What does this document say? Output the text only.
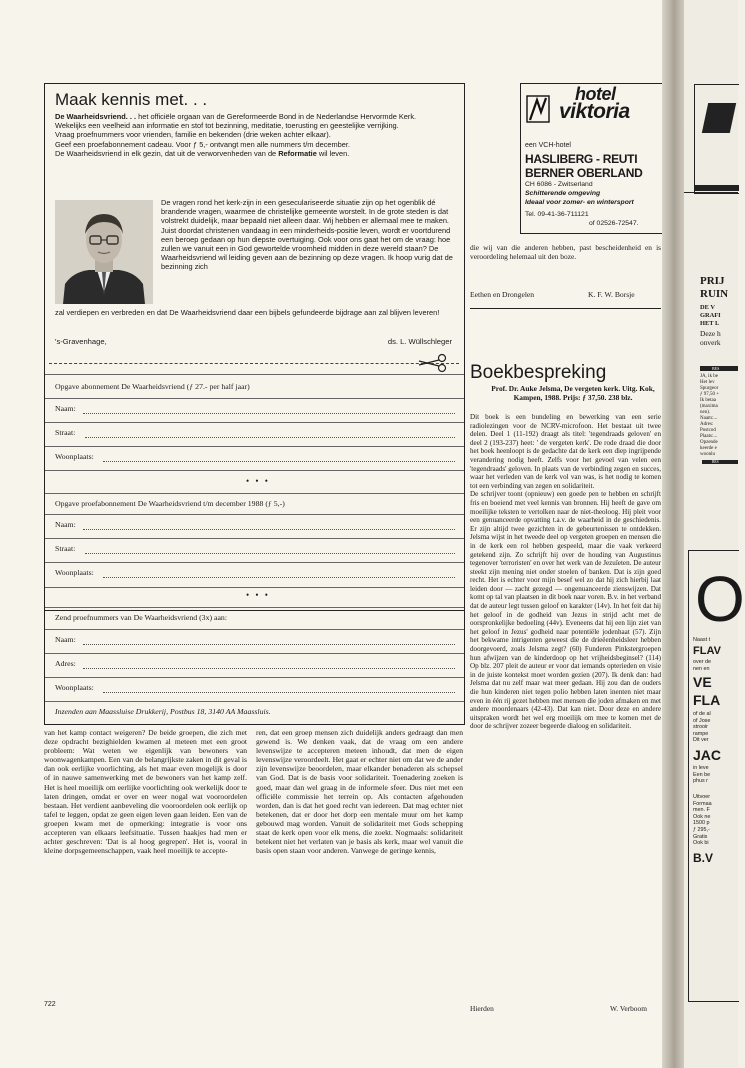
Maak kennis met. . .
De Waarheidsvriend. . . het officiële orgaan van de Gereformeerde Bond in de Nederlandse Hervormde Kerk.
Wekelijks een veelheid aan informatie en stof tot bezinning, meditatie, toerusting en geestelijke verrijking.
Vraag proefnummers voor vrienden, familie en bekenden (drie weken achter elkaar).
Geef een proefabonnement cadeau. Voor ƒ 5,- ontvangt men alle nummers t/m december.
De Waarheidsvriend in elk gezin, dat uit de verworvenheden van de Reformatie wil leven.
De vragen rond het kerk-zijn in een geseculariseerde situatie zijn op het ogenblik dé brandende vragen, waarmee de christelijke gemeente worstelt. In de grote steden is dat volstrekt duidelijk, maar bepaald niet alleen daar. Wij hebben er allemaal mee te maken. Juist doordat christenen vandaag in een minderheids-positie leven, wordt er voortdurend een beroep gedaan op hun diepste overtuiging. Ook voor ons gaat het om de vraag: hoe zullen we vanuit een in God gewortelde vroomheid midden in deze wereld staan? De Waarheidsvriend wil leiding geven aan de bezinning op deze vragen. Ik hoop vurig dat de bezinning zich
zal verdiepen en verbreden en dat De Waarheidsvriend daar een bijbels gefundeerde bijdrage aan zal blijven leveren!
's-Gravenhage,	ds. L. Wüllschleger
Opgave abonnement De Waarheidsvriend (ƒ 27.- per half jaar)
Naam:
Straat:
Woonplaats:
• • •
Opgave proefabonnement De Waarheidsvriend t/m december 1988 (ƒ 5,-)
Naam:
Straat:
Woonplaats:
• • •
Zend proefnummers van De Waarheidsvriend (3x) aan:
Naam:
Adres:
Woonplaats:
Inzenden aan Maassluise Drukkerij, Postbus 18, 3140 AA Maassluis.
hotel
viktoria
een VCH-hotel
HASLIBERG - REUTI
BERNER OBERLAND
CH 6086 - Zwitserland
Schitterende omgeving
Ideaal voor zomer- en wintersport
Tel. 09-41-36-711121
of 02526-72547.
die wij van die anderen hebben, past bescheidenheid en is veroordeling helemaal uit den boze.
Eethen en Drongelen	K. F. W. Borsje
Boekbespreking
Prof. Dr. Auke Jelsma, De vergeten kerk. Uitg. Kok, Kampen, 1988. Prijs: ƒ 37,50. 238 blz.

Dit boek is een bundeling en bewerking van een serie radiolezingen voor de NCRV-microfoon. Het bestaat uit twee delen. Deel 1 (11-192) draagt als titel: 'tegendraads geloven' en deel 2 (193-237) heet: ' de vergeten kerk'. De rode draad die door het boek heenloopt is de gedachte dat de kerk een diep ingrijpende verandering nodig heeft. Zelfs voor het gevoel van velen een 'tegendraads' geloven. In plaats van de verbinding zegen en succes, waar het verleden van de kerk vol van was, is het nodig te komen tot een verbinding van zegen en solidariteit.

De schrijver toont (opnieuw) een goede pen te hebben en schrijft fris en boeiend met veel kennis van bronnen. Hij heeft de gave om moeilijke teksten te vertolken naar de niet-theoloog. Hij pleit voor een genuanceerde opvatting t.a.v. de waarheid in de geschiedenis. Er zijn altijd twee gezichten in de gebeurtenissen te ontdekken. Jelsma wijst in het tweede deel op vergeten groepen en mensen die in de kerk een rol hebben gespeeld, maar die vaak verkeerd getekend zijn. Zo schrijft hij over de houding van Augustinus tegenover 'terroristen' en over het werk van de Jezuïeten. De auteur steekt zijn mening niet onder stoelen of banken. Dat is zijn goed recht. Het is echter voor mijn besef wel zo dat hij zich hierbij laat leiden door — zacht gezegd — ongenuanceerde zienswijzen. Dat komt op tal van plaatsen in dit boek naar voren. B.v. in het verband dat de auteur legt tussen geloof en karakter (14v). In het feit dat hij het geloof in de godheid van Jezus in strijd acht met de oorspronkelijke bedoeling (44v). Eveneens dat hij een lijn ziet van het geloof in Jezus' godheid naar potentiële jodenhaat (57). Zijn het bekwame intrigenten geweest die de drieëenheidsleer hebben doorgevoerd, zoals Jelsma zegt? (60) Funderen Pinkstergroepen hun afwijzen van de kinderdoop op het vrijheidsbeginsel? (114) Op blz. 207 pleit de auteur er voor dat iemands opterieden en visie in de juiste kontekst moet worden gezien (207). Ik denk dan: had Jelsma dat nu zelf maar wat meer gedaan. Hij zou dan de ouders die hun kinderen niet tegen polio hebben laten inenten niet maar even in één rij gezet hebben met mensen die joden afmaken en met andere moordenaars (42-43). Dat kan niet. Door deze en andere uitspraken wordt het wel erg moeilijk om mee te komen met de door de schrijver zozeer begeerde dialoog en solidariteit.

Hierden	W. Verboom
van het kamp contact weigeren? De beide groepen, die zich met deze opdracht bezighielden kwamen al meteen met een groot probleem: Wat weten we eigenlijk van bewoners van woonwagenkampen. Een van de belangrijkste zaken in dit geval is dan ook eerlijke voorlichting, als het maar even mogelijk is door of in nauwe samenwerking met de bewoners van het kamp zelf. Het is heel moeilijk om eerlijke voorlichting ook werkelijk door te laten dringen, omdat er over en weer nogal wat vooroordelen bestaan. Het verdient aanbeveling die vooroordelen ook eerlijk op tafel te leggen, opdat ze geen eigen leven gaan leiden. Een van de groepen kwam met de opmerking: integratie is voor ons accepteren van elkaars leefsituatie. Tussen haakjes had men er achter geschreven: 'Dat is al hoog gegrepen'. Het is, vooral in kleine dorpsgemeenschappen, vaak heel moeilijk te accepte-
ren, dat een groep mensen zich duidelijk anders gedraagt dan men gewend is. We denken vaak, dat de vraag om een andere levenswijze te accepteren meteen inhoudt, dat men de eigen levenswijze veroordeelt. Het gaat er echter niet om dat we de ander zijn levenswijze beoordelen, maar elkander benaderen als schepsel van God. Dat is de basis voor solidariteit. Toenadering zoeken is goed, maar dan wel graag in de informele sfeer. Dus niet met een officiële commissie het terrein op. Als contacten afgehouden worden, dan is dat het goed recht van iedereen. Dat mag echter niet betekenen, dat er door het dorp een mentale muur om het kamp gebouwd mag worden. Vanuit de solidariteit met Gods schepping staat de kerk open voor elk mens, die zoekt. Nogmaals: solidariteit betekent niet het verlaten van je basis als kerk, maar wel vanuit die basis open staan voor anderen. Vanwege de geringe kennis,
722
PRIJ
RUIN
DE V
GRAFI
HET L
Deze h
onverk
BES
JA, ik be
Het lev
Spurgeor
ƒ 97,50 +
Ik betaa
(maxima
nen).
Naam:...
Adres:
Postcod
Plaats:...
Opzende
keerde e
woonlu
BES
O
Naast t
FLAV
over de
nen en
VE
FLA
of de al
of Jose
strooir
rampe
Dit ver
JAC
in leve
Een be
phus r
Uitvoer
Formaa
men. F
Ook ne
1500 p
ƒ 295,-
Gratis
Ook bi
B.V
